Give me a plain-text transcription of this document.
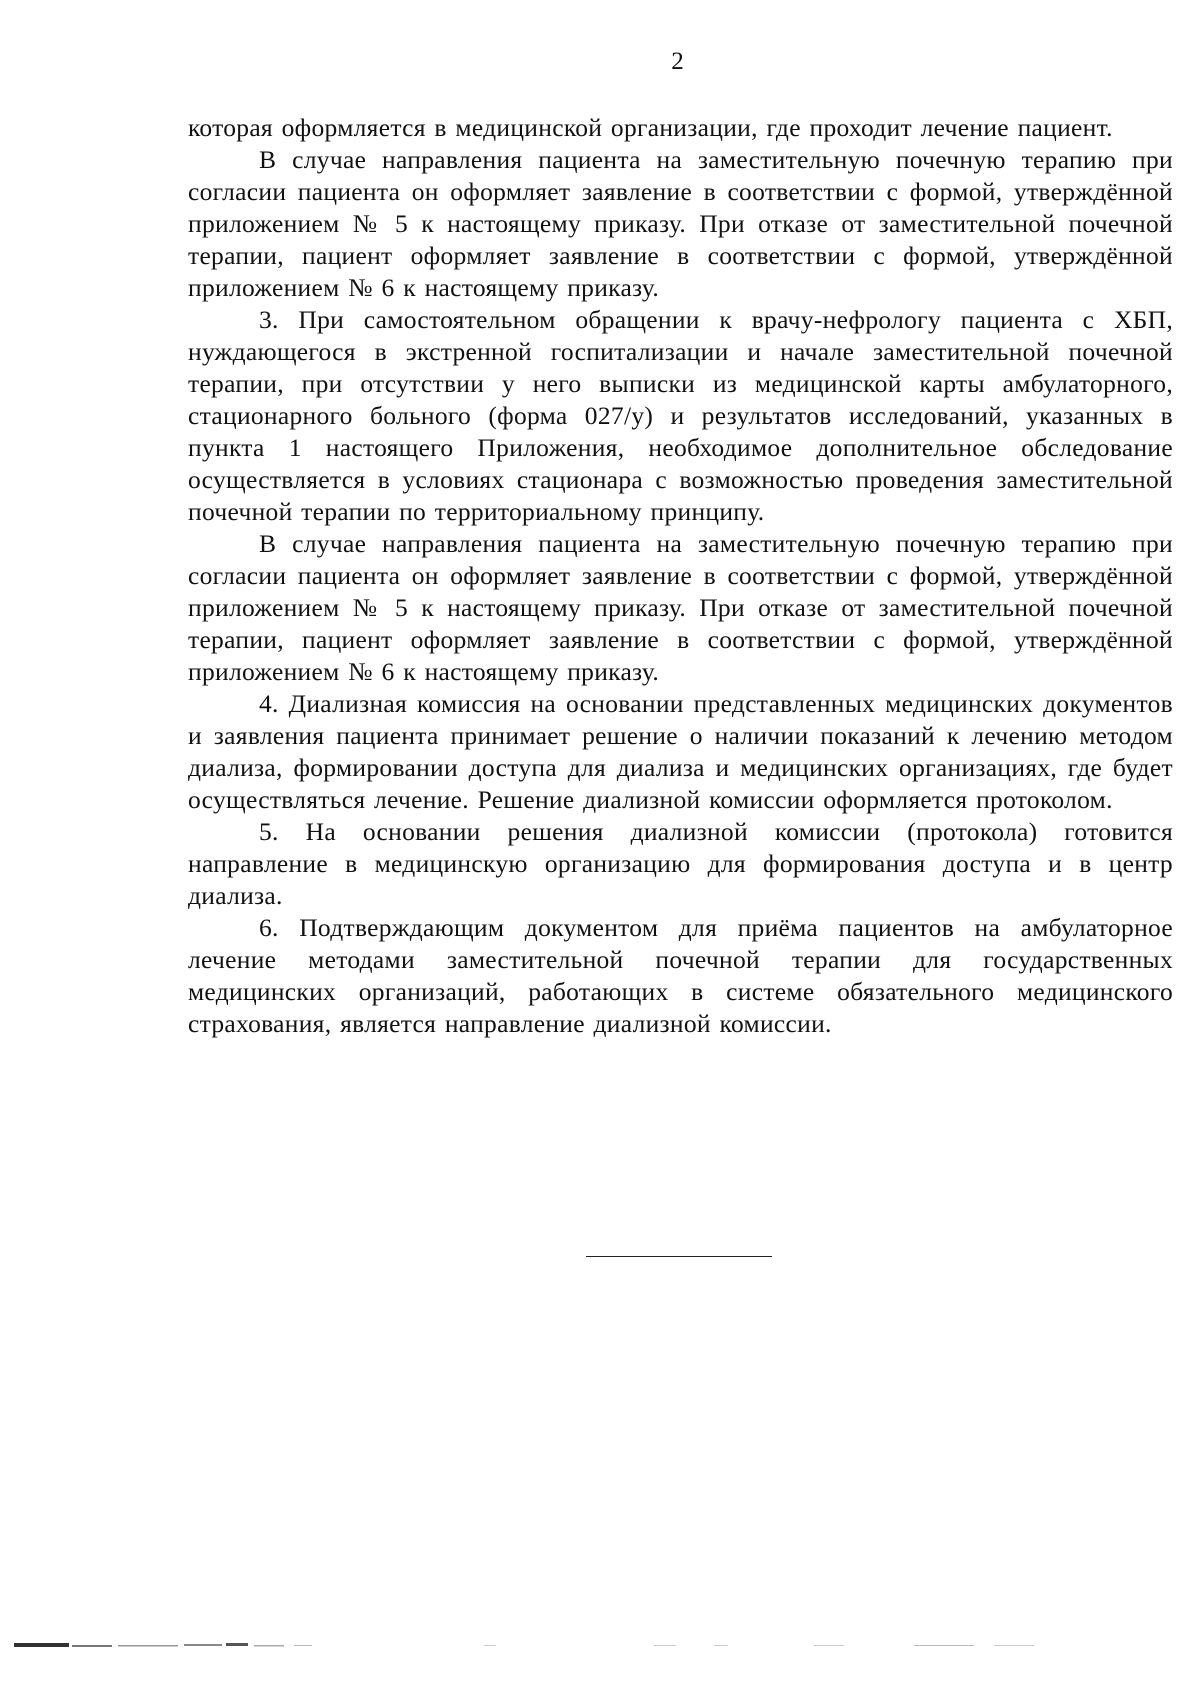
2

которая оформляется в медицинской организации, где проходит лечение пациент.

В случае направления пациента на заместительную почечную терапию при согласии пациента он оформляет заявление в соответствии с формой, утверждённой приложением № 5 к настоящему приказу. При отказе от заместительной почечной терапии, пациент оформляет заявление в соответствии с формой, утверждённой приложением № 6 к настоящему приказу.

3. При самостоятельном обращении к врачу-нефрологу пациента с ХБП, нуждающегося в экстренной госпитализации и начале заместительной почечной терапии, при отсутствии у него выписки из медицинской карты амбулаторного, стационарного больного (форма 027/у) и результатов исследований, указанных в пункта 1 настоящего Приложения, необходимое дополнительное обследование осуществляется в условиях стационара с возможностью проведения заместительной почечной терапии по территориальному принципу.

В случае направления пациента на заместительную почечную терапию при согласии пациента он оформляет заявление в соответствии с формой, утверждённой приложением № 5 к настоящему приказу. При отказе от заместительной почечной терапии, пациент оформляет заявление в соответствии с формой, утверждённой приложением № 6 к настоящему приказу.

4. Диализная комиссия на основании представленных медицинских документов и заявления пациента принимает решение о наличии показаний к лечению методом диализа, формировании доступа для диализа и медицинских организациях, где будет осуществляться лечение. Решение диализной комиссии оформляется протоколом.

5. На основании решения диализной комиссии (протокола) готовится направление в медицинскую организацию для формирования доступа и в центр диализа.

6. Подтверждающим документом для приёма пациентов на амбулаторное лечение методами заместительной почечной терапии для государственных медицинских организаций, работающих в системе обязательного медицинского страхования, является направление диализной комиссии.
